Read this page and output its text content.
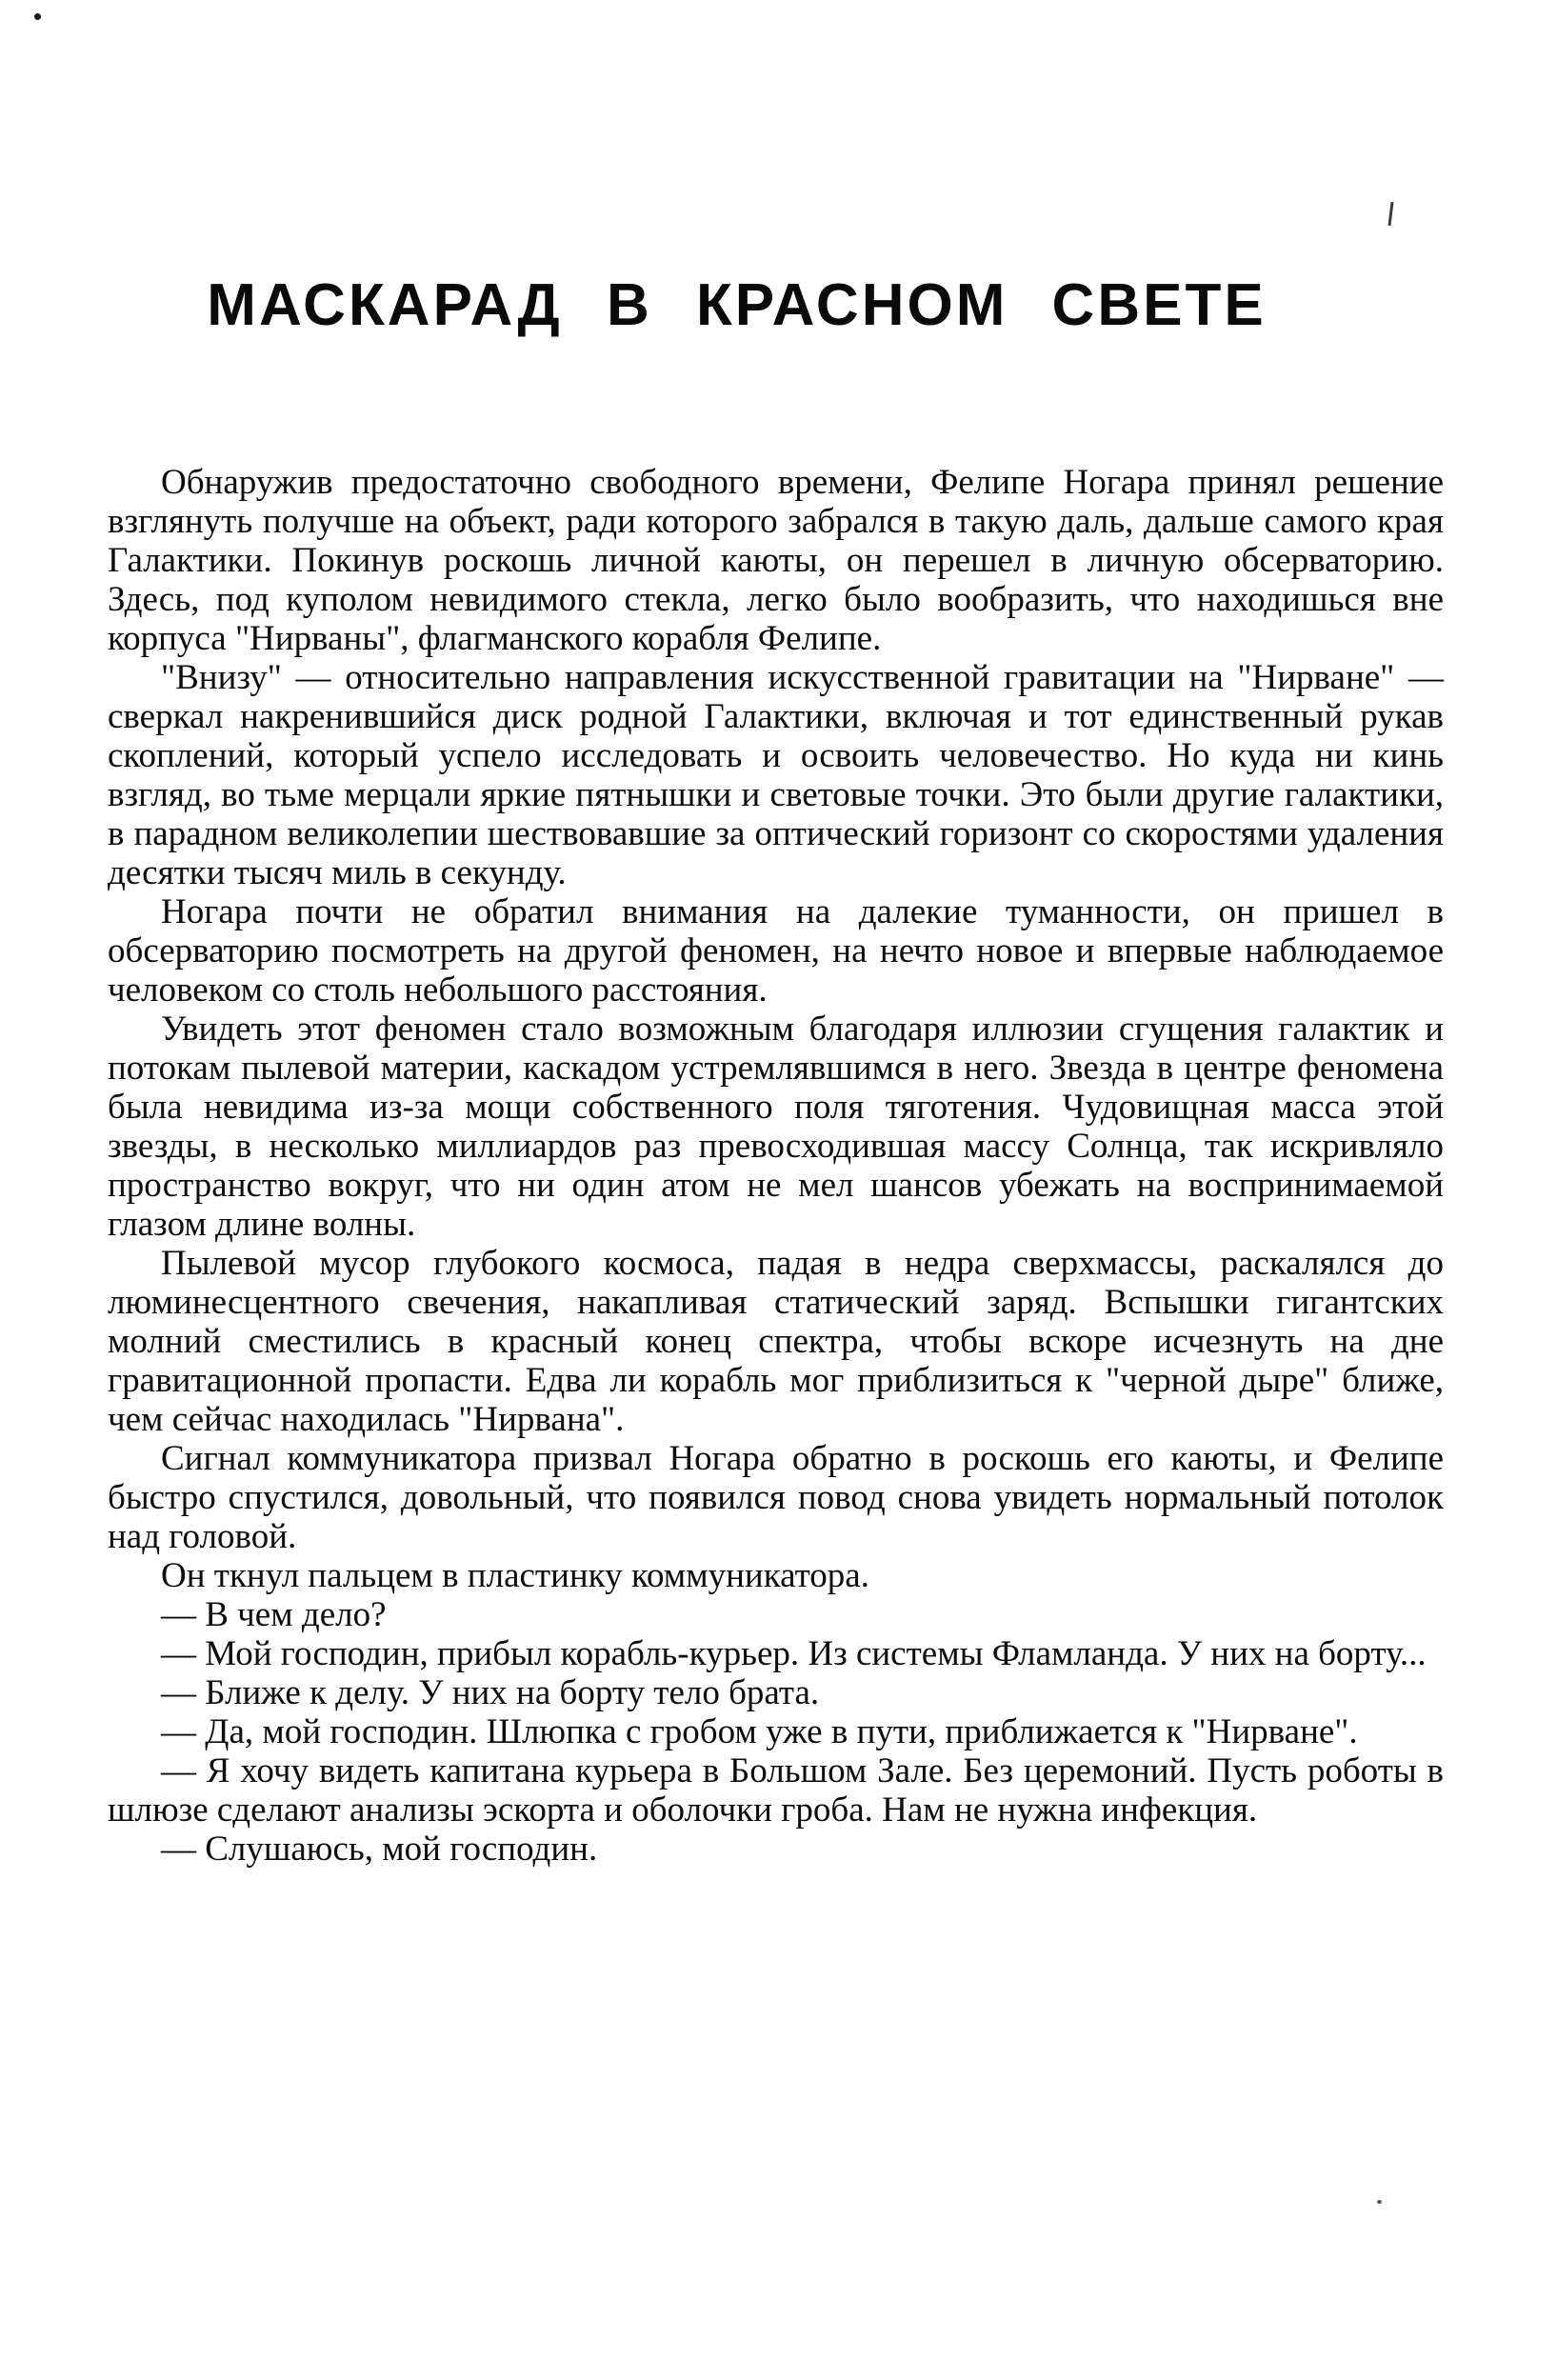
МАСКАРАД В КРАСНОМ СВЕТЕ

Обнаружив предостаточно свободного времени, Фелипе Ногара принял решение взглянуть получше на объект, ради которого забрался в такую даль, дальше самого края Галактики. Покинув роскошь личной каюты, он перешел в личную обсерваторию. Здесь, под куполом невидимого стекла, легко было вообразить, что находишься вне корпуса "Нирваны", флагманского корабля Фелипе.

"Внизу" — относительно направления искусственной гравитации на "Нирване" — сверкал накренившийся диск родной Галактики, включая и тот единственный рукав скоплений, который успело исследовать и освоить человечество. Но куда ни кинь взгляд, во тьме мерцали яркие пятнышки и световые точки. Это были другие галактики, в парадном великолепии шествовавшие за оптический горизонт со скоростями удаления десятки тысяч миль в секунду.

Ногара почти не обратил внимания на далекие туманности, он пришел в обсерваторию посмотреть на другой феномен, на нечто новое и впервые наблюдаемое человеком со столь небольшого расстояния.

Увидеть этот феномен стало возможным благодаря иллюзии сгущения галактик и потокам пылевой материи, каскадом устремлявшимся в него. Звезда в центре феномена была невидима из-за мощи собственного поля тяготения. Чудовищная масса этой звезды, в несколько миллиардов раз превосходившая массу Солнца, так искривляло пространство вокруг, что ни один атом не мел шансов убежать на воспринимаемой глазом длине волны.

Пылевой мусор глубокого космоса, падая в недра сверхмассы, раскалялся до люминесцентного свечения, накапливая статический заряд. Вспышки гигантских молний сместились в красный конец спектра, чтобы вскоре исчезнуть на дне гравитационной пропасти. Едва ли корабль мог приблизиться к "черной дыре" ближе, чем сейчас находилась "Нирвана".

Сигнал коммуникатора призвал Ногара обратно в роскошь его каюты, и Фелипе быстро спустился, довольный, что появился повод снова увидеть нормальный потолок над головой.

Он ткнул пальцем в пластинку коммуникатора.

— В чем дело?

— Мой господин, прибыл корабль-курьер. Из системы Фламланда. У них на борту...

— Ближе к делу. У них на борту тело брата.

— Да, мой господин. Шлюпка с гробом уже в пути, приближается к "Нирване".

— Я хочу видеть капитана курьера в Большом Зале. Без церемоний. Пусть роботы в шлюзе сделают анализы эскорта и оболочки гроба. Нам не нужна инфекция.

— Слушаюсь, мой господин.
